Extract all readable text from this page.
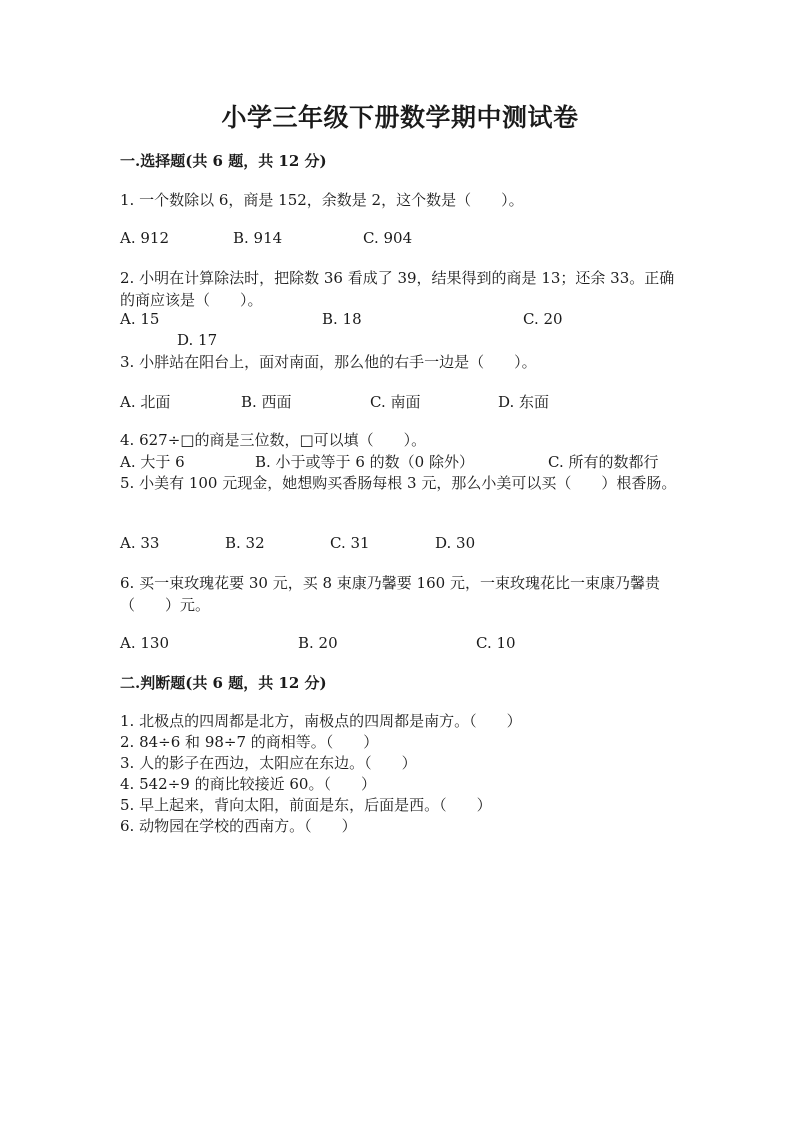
小学三年级下册数学期中测试卷
一.选择题(共 6 题，共 12 分)
1. 一个数除以 6，商是 152，余数是 2，这个数是（　　）。
A. 912	B. 914	C. 904
2. 小明在计算除法时，把除数 36 看成了 39，结果得到的商是 13；还余 33。正确的商应该是（　　）。
A. 15	B. 18	C. 20
D. 17
3. 小胖站在阳台上，面对南面，那么他的右手一边是（　　）。
A. 北面	B. 西面	C. 南面	D. 东面
4. 627÷□的商是三位数，□可以填（　　）。
A. 大于 6	B. 小于或等于 6 的数（0 除外）	C. 所有的数都行
5. 小美有 100 元现金，她想购买香肠每根 3 元，那么小美可以买（　　）根香肠。
A. 33	B. 32	C. 31	D. 30
6. 买一束玫瑰花要 30 元，买 8 束康乃馨要 160 元，一束玫瑰花比一束康乃馨贵（　　）元。
A. 130	B. 20	C. 10
二.判断题(共 6 题，共 12 分)
1. 北极点的四周都是北方，南极点的四周都是南方。（　　）
2. 84÷6 和 98÷7 的商相等。（　　）
3. 人的影子在西边，太阳应在东边。（　　）
4. 542÷9 的商比较接近 60。（　　）
5. 早上起来，背向太阳，前面是东，后面是西。（　　）
6. 动物园在学校的西南方。（　　）
